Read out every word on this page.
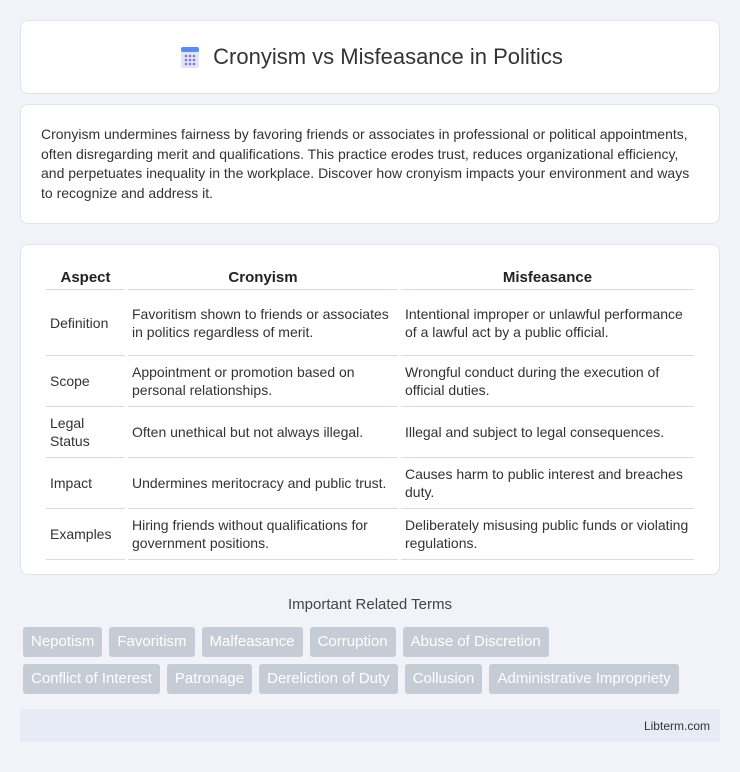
Cronyism vs Misfeasance in Politics

Cronyism undermines fairness by favoring friends or associates in professional or political appointments, often disregarding merit and qualifications. This practice erodes trust, reduces organizational efficiency, and perpetuates inequality in the workplace. Discover how cronyism impacts your environment and ways to recognize and address it.

Aspect	Cronyism	Misfeasance
Definition	Favoritism shown to friends or associates in politics regardless of merit.	Intentional improper or unlawful performance of a lawful act by a public official.
Scope	Appointment or promotion based on personal relationships.	Wrongful conduct during the execution of official duties.
Legal Status	Often unethical but not always illegal.	Illegal and subject to legal consequences.
Impact	Undermines meritocracy and public trust.	Causes harm to public interest and breaches duty.
Examples	Hiring friends without qualifications for government positions.	Deliberately misusing public funds or violating regulations.
Important Related Terms
Nepotism	Favoritism	Malfeasance	Corruption	Abuse of Discretion
Conflict of Interest	Patronage	Dereliction of Duty	Collusion	Administrative Impropriety
Libterm.com
